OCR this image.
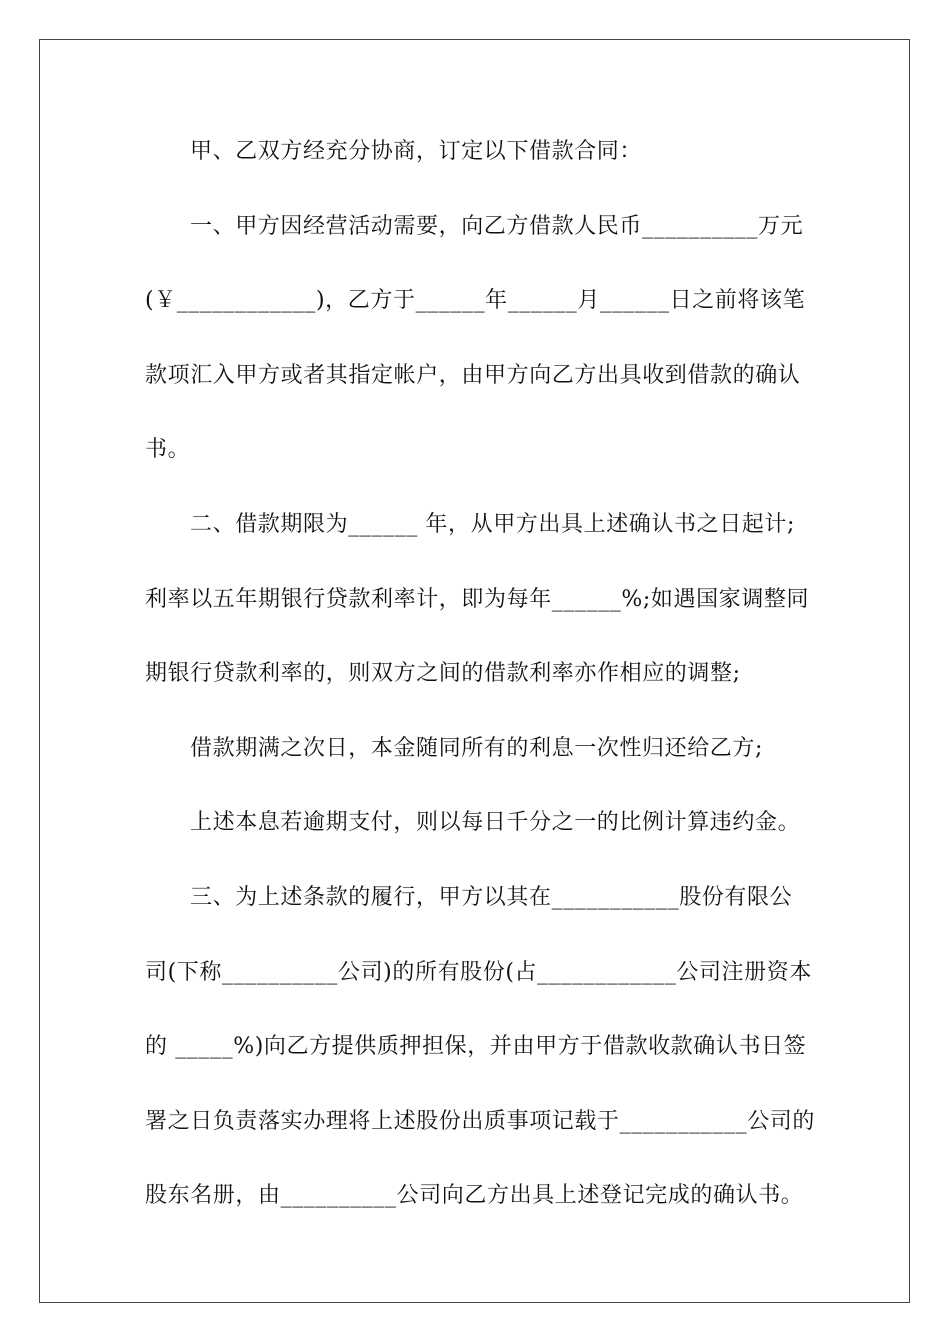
甲、乙双方经充分协商，订定以下借款合同：
一、甲方因经营活动需要，向乙方借款人民币__________万元
(￥____________)，乙方于______年______月______日之前将该笔
款项汇入甲方或者其指定帐户，由甲方向乙方出具收到借款的确认
书。
二、借款期限为______ 年，从甲方出具上述确认书之日起计;
利率以五年期银行贷款利率计，即为每年______%;如遇国家调整同
期银行贷款利率的，则双方之间的借款利率亦作相应的调整;
借款期满之次日，本金随同所有的利息一次性归还给乙方;
上述本息若逾期支付，则以每日千分之一的比例计算违约金。
三、为上述条款的履行，甲方以其在___________股份有限公
司(下称__________公司)的所有股份(占____________公司注册资本
的 _____%)向乙方提供质押担保，并由甲方于借款收款确认书日签
署之日负责落实办理将上述股份出质事项记载于___________公司的
股东名册，由__________公司向乙方出具上述登记完成的确认书。
